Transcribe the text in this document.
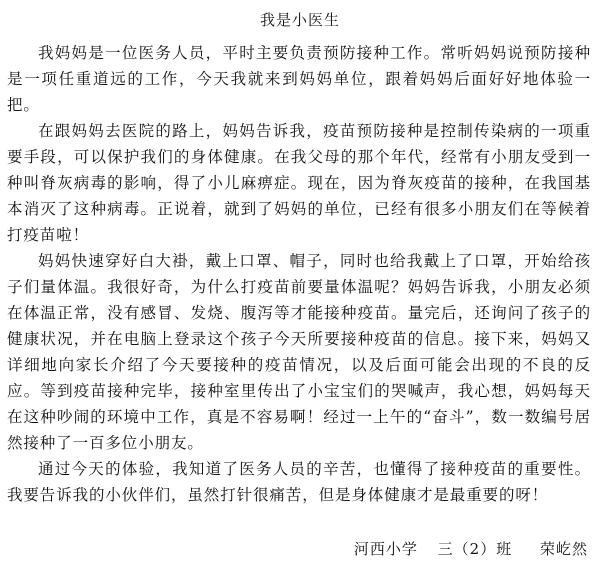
我是小医生

我妈妈是一位医务人员，平时主要负责预防接种工作。常听妈妈说预防接种是一项任重道远的工作，今天我就来到妈妈单位，跟着妈妈后面好好地体验一把。

在跟妈妈去医院的路上，妈妈告诉我，疫苗预防接种是控制传染病的一项重要手段，可以保护我们的身体健康。在我父母的那个年代，经常有小朋友受到一种叫脊灰病毒的影响，得了小儿麻痹症。现在，因为脊灰疫苗的接种，在我国基本消灭了这种病毒。正说着，就到了妈妈的单位，已经有很多小朋友们在等候着打疫苗啦！

妈妈快速穿好白大褂，戴上口罩、帽子，同时也给我戴上了口罩，开始给孩子们量体温。我很好奇，为什么打疫苗前要量体温呢？妈妈告诉我，小朋友必须在体温正常，没有感冒、发烧、腹泻等才能接种疫苗。量完后，还询问了孩子的健康状况，并在电脑上登录这个孩子今天所要接种疫苗的信息。接下来，妈妈又详细地向家长介绍了今天要接种的疫苗情况，以及后面可能会出现的不良的反应。等到疫苗接种完毕，接种室里传出了小宝宝们的哭喊声，我心想，妈妈每天在这种吵闹的环境中工作，真是不容易啊！经过一上午的“奋斗”，数一数编号居然接种了一百多位小朋友。

通过今天的体验，我知道了医务人员的辛苦，也懂得了接种疫苗的重要性。我要告诉我的小伙伴们，虽然打针很痛苦，但是身体健康才是最重要的呀！

河西小学 三（2）班 荣屹然
